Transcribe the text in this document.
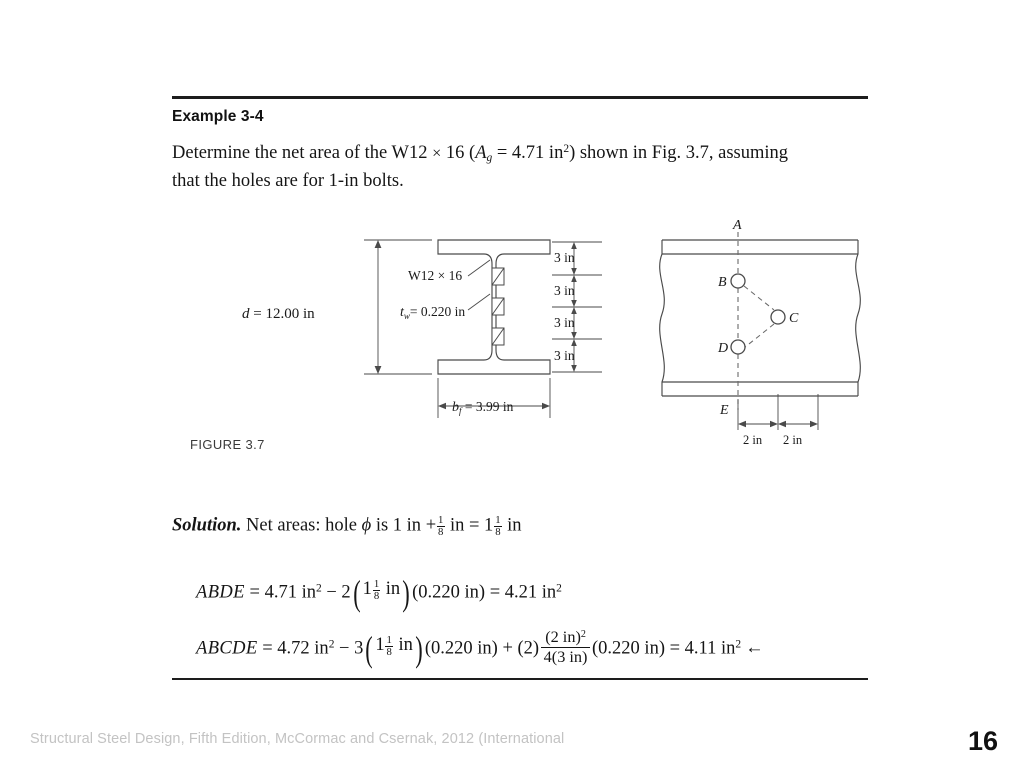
Example 3-4
Determine the net area of the W12 × 16 ($A_g = 4.71$ $in^2$) shown in Fig. 3.7, assuming
that the holes are for 1-in bolts.
3 in
3 in
3 in
3 in
W12 × 16
tw= 0.220 in
bf = 3.99 in
d = 12.00 in
A
B
C
D
E
2 in 2 in
FIGURE 3.7
Solution. Net areas: hole ϕ is 1 in + $\frac{1}{8}$ in = $1 \frac{1}{8}$ in
ABDE = 4.71 $in^2 - 2$( $1 \frac{1}{8} in$) (0.220 in) = 4.21 $in^2$
ABCDE = 4.72 $in^2 - 3$( $1 \frac{1}{8} in$) (0.220 $in) + (2) \frac{(2 in)^2}{4(3 in)} (0.220$ in) = 4.11 $in^2$ ←
Structural Steel Design, Fifth Edition, McCormac and Csernak, 2012 (International	16
